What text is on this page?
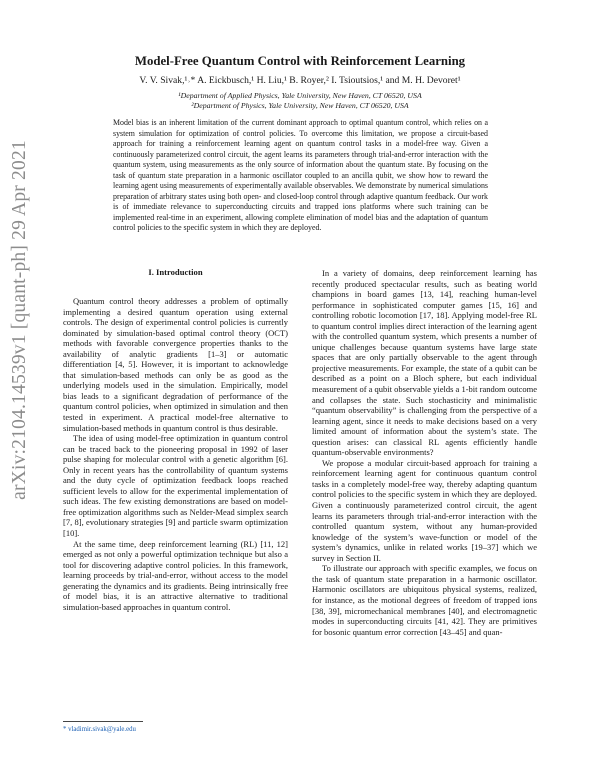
arXiv:2104.14539v1 [quant-ph] 29 Apr 2021
Model-Free Quantum Control with Reinforcement Learning
V. V. Sivak,¹˒* A. Eickbusch,¹ H. Liu,¹ B. Royer,² I. Tsioutsios,¹ and M. H. Devoret¹
¹Department of Applied Physics, Yale University, New Haven, CT 06520, USA
²Department of Physics, Yale University, New Haven, CT 06520, USA
Model bias is an inherent limitation of the current dominant approach to optimal quantum control, which relies on a system simulation for optimization of control policies. To overcome this limitation, we propose a circuit-based approach for training a reinforcement learning agent on quantum control tasks in a model-free way. Given a continuously parameterized control circuit, the agent learns its parameters through trial-and-error interaction with the quantum system, using measurements as the only source of information about the quantum state. By focusing on the task of quantum state preparation in a harmonic oscillator coupled to an ancilla qubit, we show how to reward the learning agent using measurements of experimentally available observables. We demonstrate by numerical simulations preparation of arbitrary states using both open- and closed-loop control through adaptive quantum feedback. Our work is of immediate relevance to superconducting circuits and trapped ions platforms where such training can be implemented real-time in an experiment, allowing complete elimination of model bias and the adaptation of quantum control policies to the specific system in which they are deployed.
I. Introduction

Quantum control theory addresses a problem of optimally implementing a desired quantum operation using external controls. The design of experimental control policies is currently dominated by simulation-based optimal control theory (OCT) methods with favorable convergence properties thanks to the availability of analytic gradients [1–3] or automatic differentiation [4, 5]. However, it is important to acknowledge that simulation-based methods can only be as good as the underlying models used in the simulation. Empirically, model bias leads to a significant degradation of performance of the quantum control policies, when optimized in simulation and then tested in experiment. A practical model-free alternative to simulation-based methods in quantum control is thus desirable.

The idea of using model-free optimization in quantum control can be traced back to the pioneering proposal in 1992 of laser pulse shaping for molecular control with a genetic algorithm [6]. Only in recent years has the controllability of quantum systems and the duty cycle of optimization feedback loops reached sufficient levels to allow for the experimental implementation of such ideas. The few existing demonstrations are based on model-free optimization algorithms such as Nelder-Mead simplex search [7, 8], evolutionary strategies [9] and particle swarm optimization [10].

At the same time, deep reinforcement learning (RL) [11, 12] emerged as not only a powerful optimization technique but also a tool for discovering adaptive control policies. In this framework, learning proceeds by trial-and-error, without access to the model generating the dynamics and its gradients. Being intrinsically free of model bias, it is an attractive alternative to traditional simulation-based approaches in quantum control.

In a variety of domains, deep reinforcement learning has recently produced spectacular results, such as beating world champions in board games [13, 14], reaching human-level performance in sophisticated computer games [15, 16] and controlling robotic locomotion [17, 18]. Applying model-free RL to quantum control implies direct interaction of the learning agent with the controlled quantum system, which presents a number of unique challenges because quantum systems have large state spaces that are only partially observable to the agent through projective measurements. For example, the state of a qubit can be described as a point on a Bloch sphere, but each individual measurement of a qubit observable yields a 1-bit random outcome and collapses the state. Such stochasticity and minimalistic “quantum observability” is challenging from the perspective of a learning agent, since it needs to make decisions based on a very limited amount of information about the system’s state. The question arises: can classical RL agents efficiently handle quantum-observable environments?

We propose a modular circuit-based approach for training a reinforcement learning agent for continuous quantum control tasks in a completely model-free way, thereby adapting quantum control policies to the specific system in which they are deployed. Given a continuously parameterized control circuit, the agent learns its parameters through trial-and-error interaction with the controlled quantum system, without any human-provided knowledge of the system’s wave-function or model of the system’s dynamics, unlike in related works [19–37] which we survey in Section II.

To illustrate our approach with specific examples, we focus on the task of quantum state preparation in a harmonic oscillator. Harmonic oscillators are ubiquitous physical systems, realized, for instance, as the motional degrees of freedom of trapped ions [38, 39], micromechanical membranes [40], and electromagnetic modes in superconducting circuits [41, 42]. They are primitives for bosonic quantum error correction [43–45] and quan-

* vladimir.sivak@yale.edu
